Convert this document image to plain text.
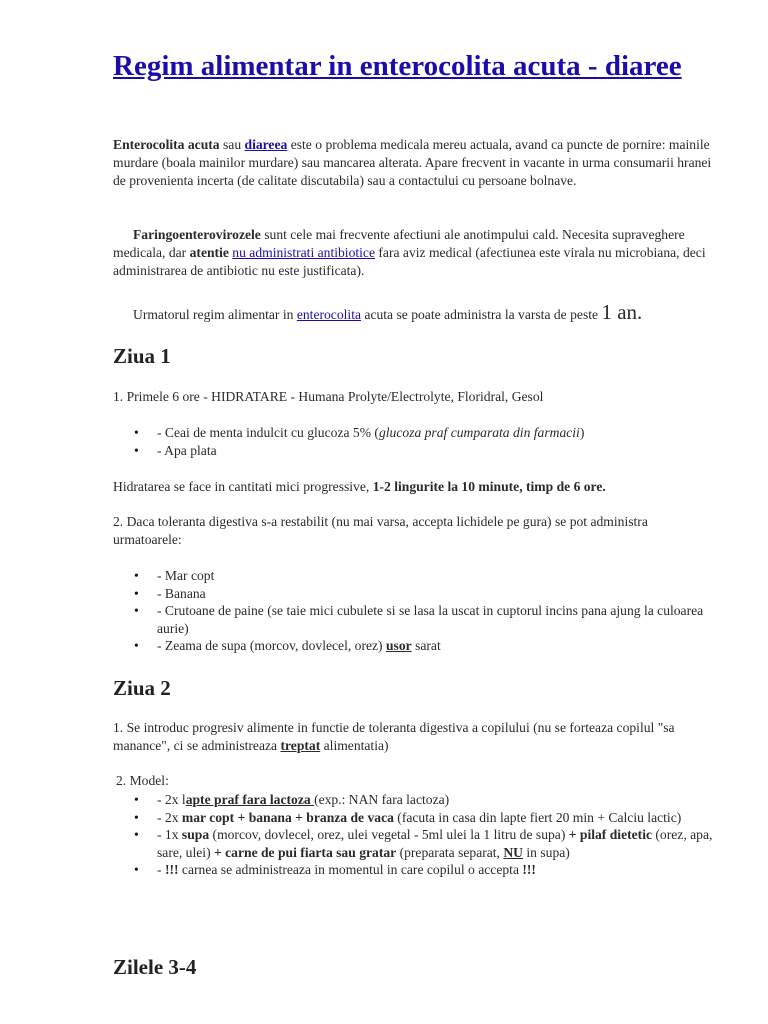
Regim alimentar in enterocolita acuta - diaree

Enterocolita acuta sau diareea este o problema medicala mereu actuala, avand ca puncte de pornire: mainile murdare (boala mainilor murdare) sau mancarea alterata. Apare frecvent in vacante in urma consumarii hranei de provenienta incerta (de calitate discutabila) sau a contactului cu persoane bolnave.

Faringoenterovirozele sunt cele mai frecvente afectiuni ale anotimpului cald. Necesita supraveghere medicala, dar atentie nu administrati antibiotice fara aviz medical (afectiunea este virala nu microbiana, deci administrarea de antibiotic nu este justificata).

Urmatorul regim alimentar in enterocolita acuta se poate administra la varsta de peste 1 an.

Ziua 1

1. Primele 6 ore - HIDRATARE - Humana Prolyte/Electrolyte, Floridral, Gesol

• - Ceai de menta indulcit cu glucoza 5% (glucoza praf cumparata din farmacii)
• - Apa plata

Hidratarea se face in cantitati mici progressive, 1-2 lingurite la 10 minute, timp de 6 ore.

2. Daca toleranta digestiva s-a restabilit (nu mai varsa, accepta lichidele pe gura) se pot administra urmatoarele:

• - Mar copt
• - Banana
• - Crutoane de paine (se taie mici cubulete si se lasa la uscat in cuptorul incins pana ajung la culoarea aurie)
• - Zeama de supa (morcov, dovlecel, orez) usor sarat
Ziua 2

1. Se introduc progresiv alimente in functie de toleranta digestiva a copilului (nu se forteaza copilul "sa manance", ci se administreaza treptat alimentatia)

2. Model:

• - 2x lapte praf fara lactoza (exp.: NAN fara lactoza)
• - 2x mar copt + banana + branza de vaca (facuta in casa din lapte fiert 20 min + Calciu lactic)
• - 1x supa (morcov, dovlecel, orez, ulei vegetal - 5ml ulei la 1 litru de supa) + pilaf dietetic (orez, apa, sare, ulei) + carne de pui fiarta sau gratar (preparata separat, NU in supa)
• - !!! carnea se administreaza in momentul in care copilul o accepta !!!
Zilele 3-4
